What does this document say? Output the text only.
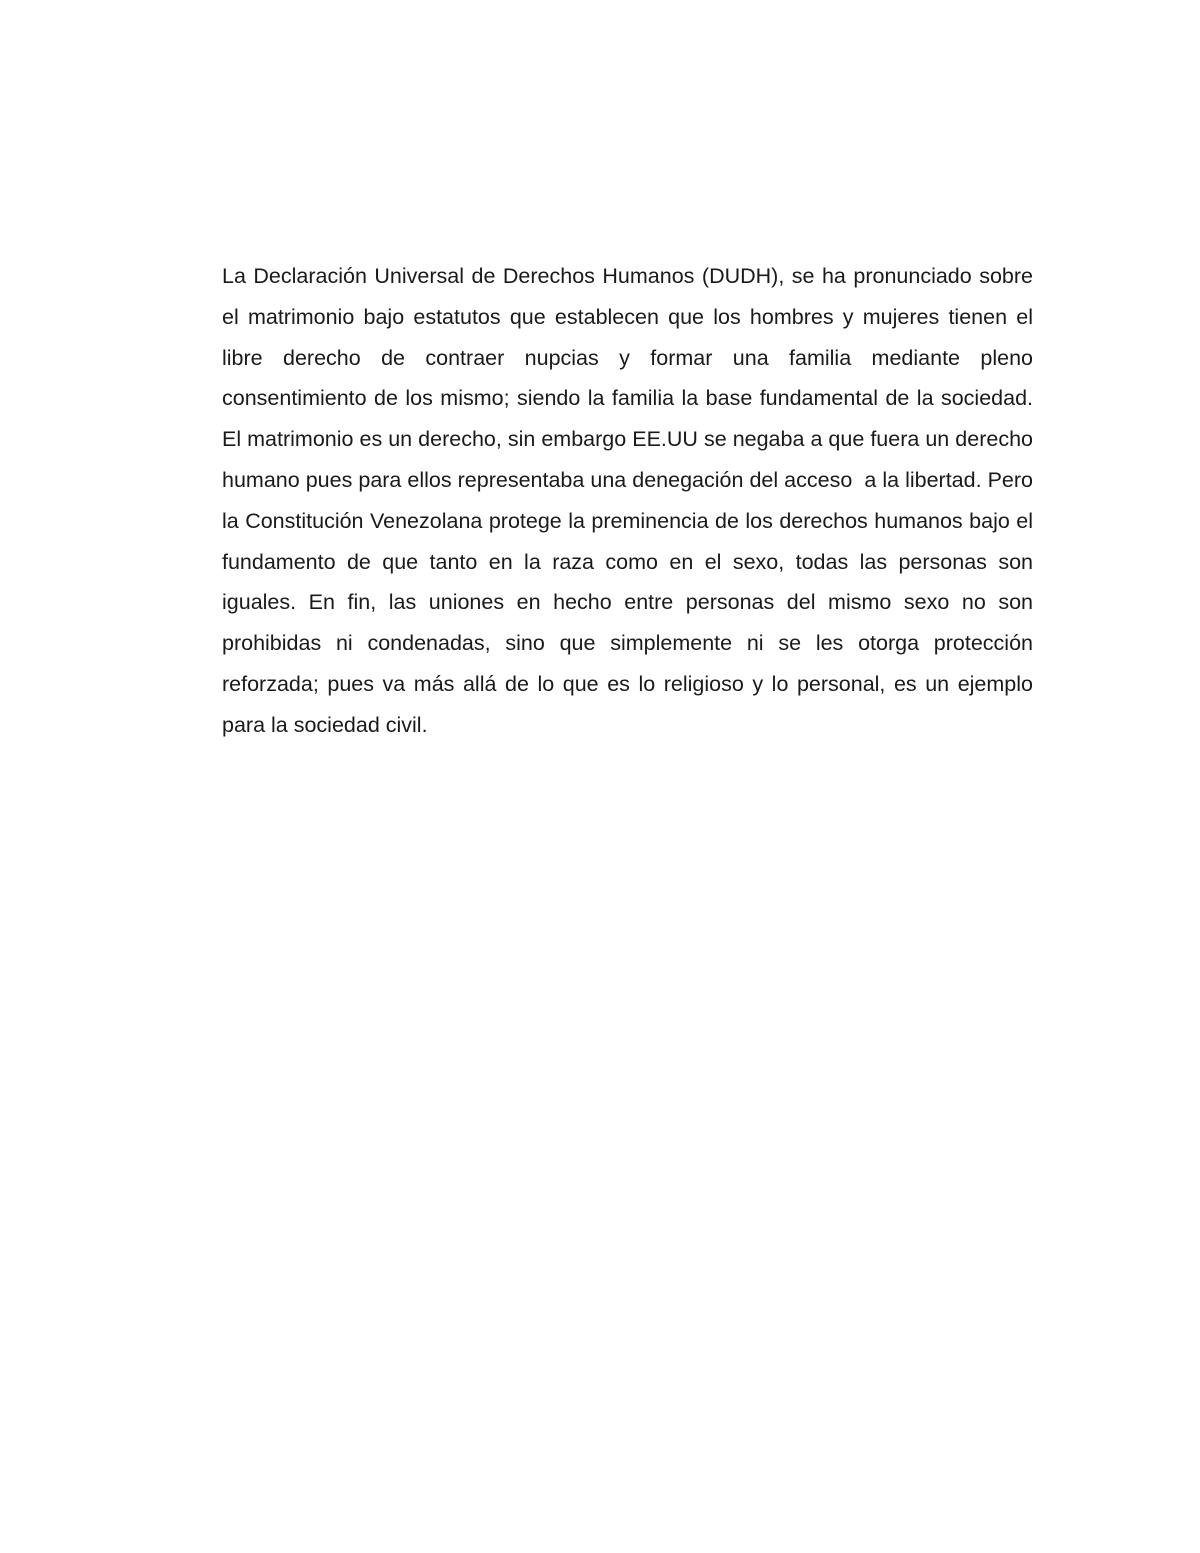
La Declaración Universal de Derechos Humanos (DUDH), se ha pronunciado sobre el matrimonio bajo estatutos que establecen que los hombres y mujeres tienen el libre derecho de contraer nupcias y formar una familia mediante pleno consentimiento de los mismo; siendo la familia la base fundamental de la sociedad. El matrimonio es un derecho, sin embargo EE.UU se negaba a que fuera un derecho humano pues para ellos representaba una denegación del acceso  a la libertad. Pero la Constitución Venezolana protege la preminencia de los derechos humanos bajo el fundamento de que tanto en la raza como en el sexo, todas las personas son iguales. En fin, las uniones en hecho entre personas del mismo sexo no son prohibidas ni condenadas, sino que simplemente ni se les otorga protección reforzada; pues va más allá de lo que es lo religioso y lo personal, es un ejemplo para la sociedad civil.
